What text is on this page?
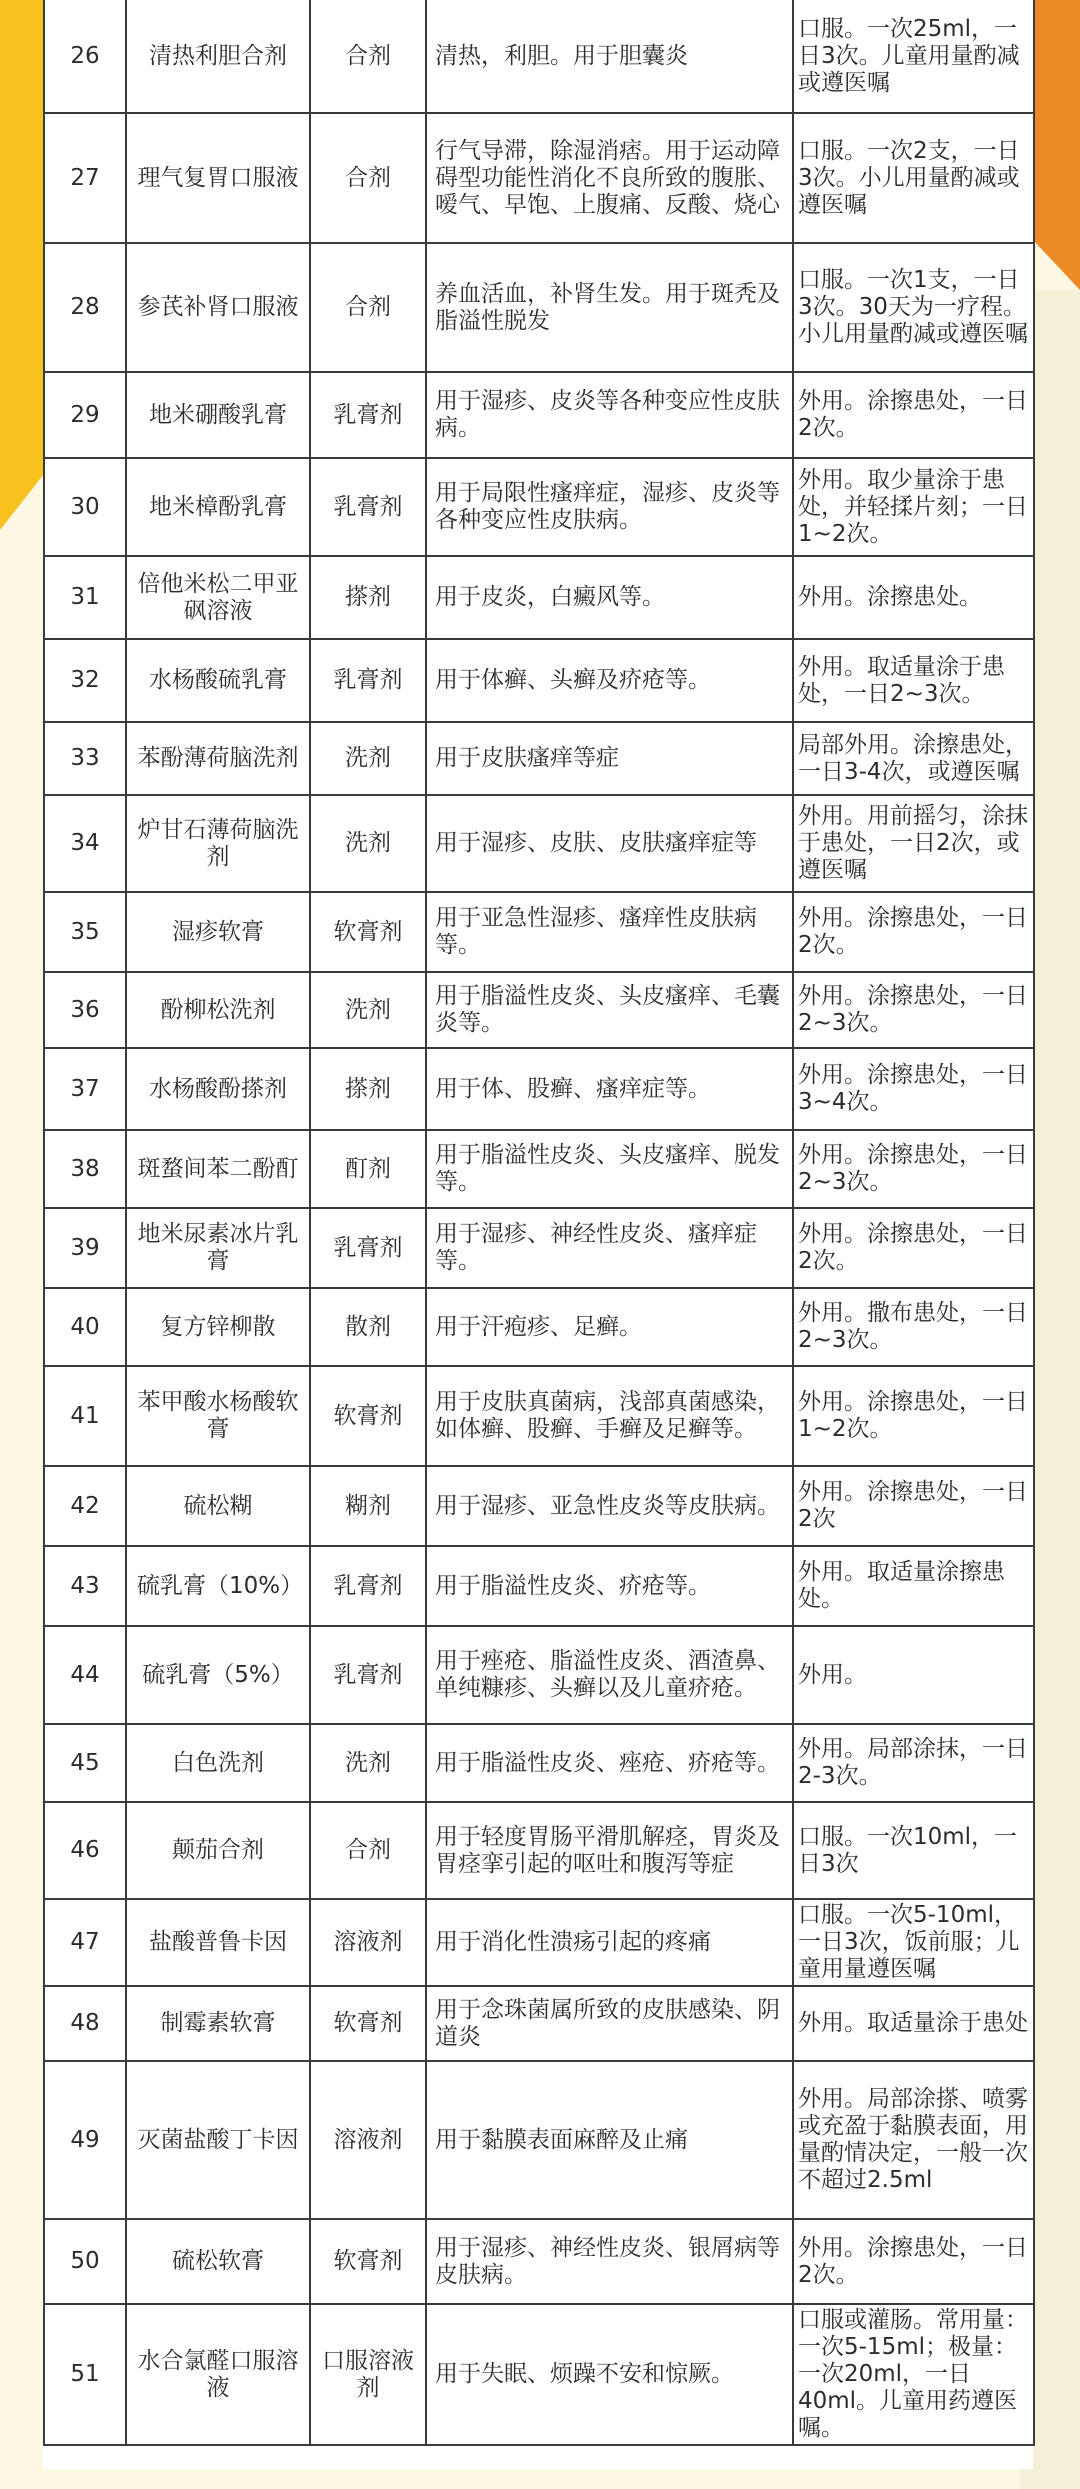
26	清热利胆合剂	合剂	清热，利胆。用于胆囊炎	口服。一次25ml，一日3次。儿童用量酌减或遵医嘱
27	理气复胃口服液	合剂	行气导滞，除湿消痞。用于运动障碍型功能性消化不良所致的腹胀、嗳气、早饱、上腹痛、反酸、烧心	口服。一次2支，一日3次。小儿用量酌减或遵医嘱
28	参芪补肾口服液	合剂	养血活血，补肾生发。用于斑秃及脂溢性脱发	口服。一次1支，一日3次。30天为一疗程。小儿用量酌减或遵医嘱
29	地米硼酸乳膏	乳膏剂	用于湿疹、皮炎等各种变应性皮肤病。	外用。涂擦患处，一日2次。
30	地米樟酚乳膏	乳膏剂	用于局限性瘙痒症，湿疹、皮炎等各种变应性皮肤病。	外用。取少量涂于患处，并轻揉片刻；一日1~2次。
31	倍他米松二甲亚砜溶液	搽剂	用于皮炎，白癜风等。	外用。涂擦患处。
32	水杨酸硫乳膏	乳膏剂	用于体癣、头癣及疥疮等。	外用。取适量涂于患处，一日2~3次。
33	苯酚薄荷脑洗剂	洗剂	用于皮肤瘙痒等症	局部外用。涂擦患处，一日3-4次，或遵医嘱
34	炉甘石薄荷脑洗剂	洗剂	用于湿疹、皮肤、皮肤瘙痒症等	外用。用前摇匀，涂抹于患处，一日2次，或遵医嘱
35	湿疹软膏	软膏剂	用于亚急性湿疹、瘙痒性皮肤病等。	外用。涂擦患处，一日2次。
36	酚柳松洗剂	洗剂	用于脂溢性皮炎、头皮瘙痒、毛囊炎等。	外用。涂擦患处，一日2~3次。
37	水杨酸酚搽剂	搽剂	用于体、股癣、瘙痒症等。	外用。涂擦患处，一日3~4次。
38	斑蝥间苯二酚酊	酊剂	用于脂溢性皮炎、头皮瘙痒、脱发等。	外用。涂擦患处，一日2~3次。
39	地米尿素冰片乳膏	乳膏剂	用于湿疹、神经性皮炎、瘙痒症等。	外用。涂擦患处，一日2次。
40	复方锌柳散	散剂	用于汗疱疹、足癣。	外用。撒布患处，一日2~3次。
41	苯甲酸水杨酸软膏	软膏剂	用于皮肤真菌病，浅部真菌感染，如体癣、股癣、手癣及足癣等。	外用。涂擦患处，一日1~2次。
42	硫松糊	糊剂	用于湿疹、亚急性皮炎等皮肤病。	外用。涂擦患处，一日2次
43	硫乳膏（10%）	乳膏剂	用于脂溢性皮炎、疥疮等。	外用。取适量涂擦患处。
44	硫乳膏（5%）	乳膏剂	用于痤疮、脂溢性皮炎、酒渣鼻、单纯糠疹、头癣以及儿童疥疮。	外用。
45	白色洗剂	洗剂	用于脂溢性皮炎、痤疮、疥疮等。	外用。局部涂抹，一日2-3次。
46	颠茄合剂	合剂	用于轻度胃肠平滑肌解痉，胃炎及胃痉挛引起的呕吐和腹泻等症	口服。一次10ml，一日3次
47	盐酸普鲁卡因	溶液剂	用于消化性溃疡引起的疼痛	口服。一次5-10ml，一日3次，饭前服；儿童用量遵医嘱
48	制霉素软膏	软膏剂	用于念珠菌属所致的皮肤感染、阴道炎	外用。取适量涂于患处
49	灭菌盐酸丁卡因	溶液剂	用于黏膜表面麻醉及止痛	外用。局部涂搽、喷雾或充盈于黏膜表面，用量酌情决定，一般一次不超过2.5ml
50	硫松软膏	软膏剂	用于湿疹、神经性皮炎、银屑病等皮肤病。	外用。涂擦患处，一日2次。
51	水合氯醛口服溶液	口服溶液剂	用于失眠、烦躁不安和惊厥。	口服或灌肠。常用量：一次5-15ml；极量：一次20ml，一日40ml。儿童用药遵医嘱。
